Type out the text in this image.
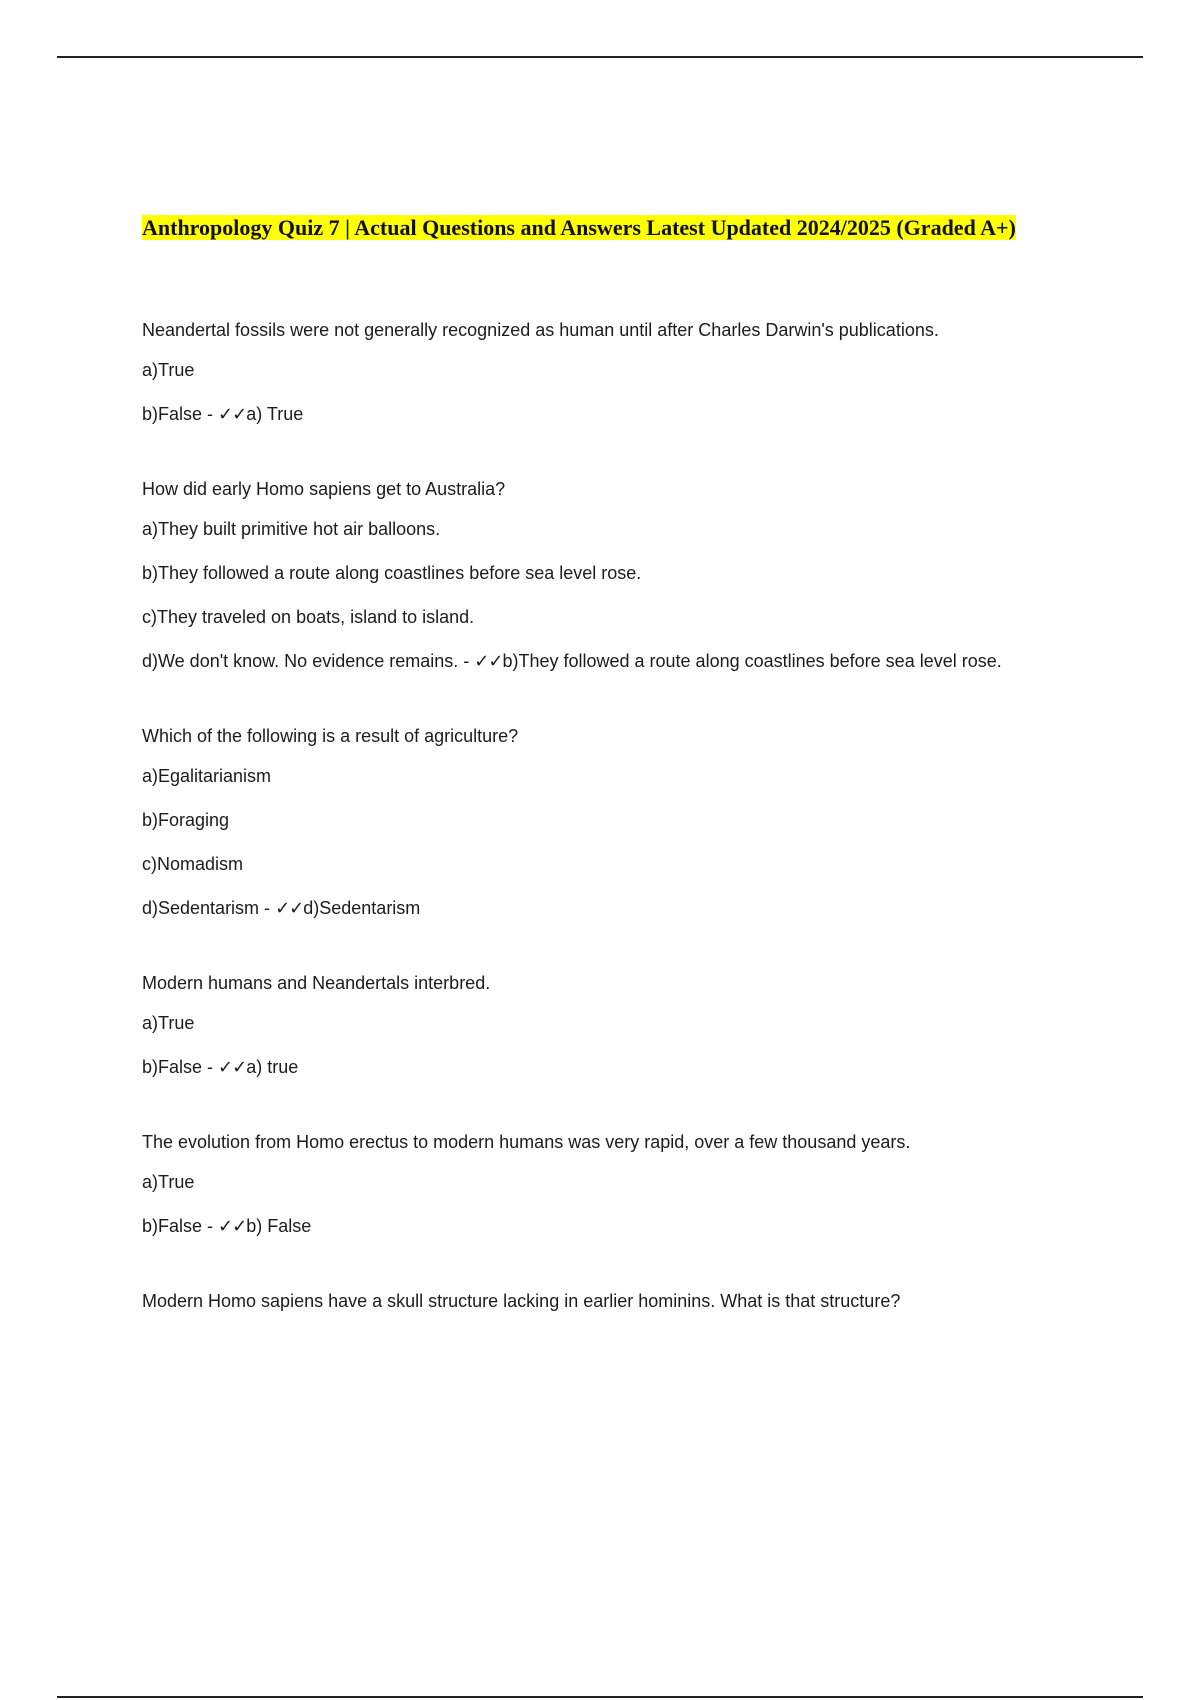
Anthropology Quiz 7 | Actual Questions and Answers Latest Updated 2024/2025 (Graded A+)

Neandertal fossils were not generally recognized as human until after Charles Darwin's publications.

a)True

b)False - ✓✓a) True

How did early Homo sapiens get to Australia?

a)They built primitive hot air balloons.

b)They followed a route along coastlines before sea level rose.

c)They traveled on boats, island to island.

d)We don't know. No evidence remains. - ✓✓b)They followed a route along coastlines before sea level rose.

Which of the following is a result of agriculture?

a)Egalitarianism

b)Foraging

c)Nomadism

d)Sedentarism - ✓✓d)Sedentarism

Modern humans and Neandertals interbred.

a)True

b)False - ✓✓a) true

The evolution from Homo erectus to modern humans was very rapid, over a few thousand years.

a)True

b)False - ✓✓b) False

Modern Homo sapiens have a skull structure lacking in earlier hominins. What is that structure?
